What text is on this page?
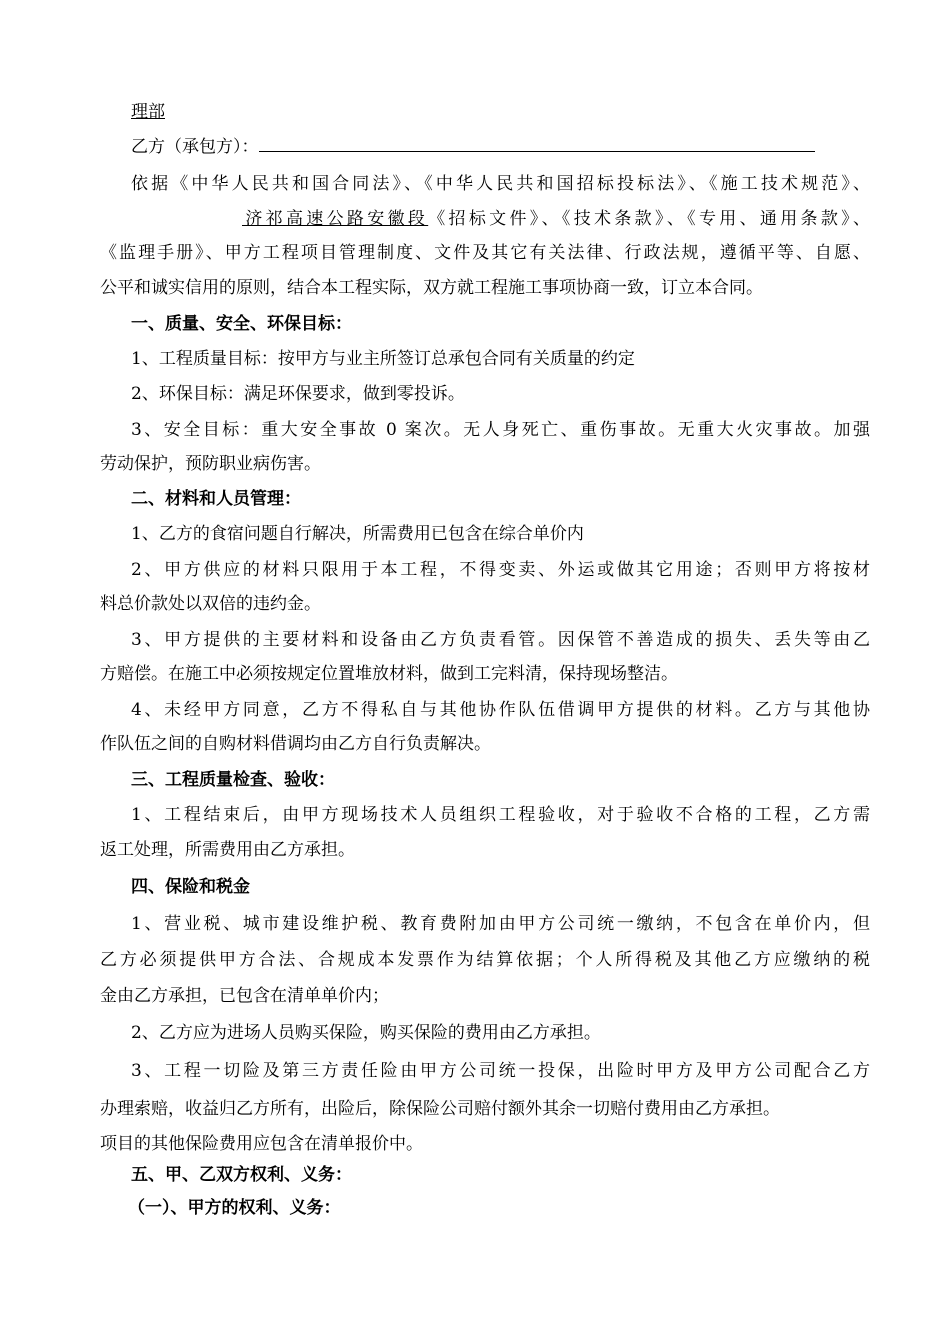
理部
乙方（承包方）：
依据《中华人民共和国合同法》、《中华人民共和国招标投标法》、《施工技术规范》、
济祁高速公路安徽段《招标文件》、《技术条款》、《专用、通用条款》、
《监理手册》、甲方工程项目管理制度、文件及其它有关法律、行政法规，遵循平等、自愿、
公平和诚实信用的原则，结合本工程实际，双方就工程施工事项协商一致，订立本合同。
一、质量、安全、环保目标：
1、工程质量目标：按甲方与业主所签订总承包合同有关质量的约定
2、环保目标：满足环保要求，做到零投诉。
3、安全目标：重大安全事故 0 案次。无人身死亡、重伤事故。无重大火灾事故。加强
劳动保护，预防职业病伤害。
二、材料和人员管理：
1、乙方的食宿问题自行解决，所需费用已包含在综合单价内
2、甲方供应的材料只限用于本工程，不得变卖、外运或做其它用途；否则甲方将按材
料总价款处以双倍的违约金。
3、甲方提供的主要材料和设备由乙方负责看管。因保管不善造成的损失、丢失等由乙
方赔偿。在施工中必须按规定位置堆放材料，做到工完料清，保持现场整洁。
4、未经甲方同意，乙方不得私自与其他协作队伍借调甲方提供的材料。乙方与其他协
作队伍之间的自购材料借调均由乙方自行负责解决。
三、工程质量检查、验收：
1、工程结束后，由甲方现场技术人员组织工程验收，对于验收不合格的工程，乙方需
返工处理，所需费用由乙方承担。
四、保险和税金
1、营业税、城市建设维护税、教育费附加由甲方公司统一缴纳，不包含在单价内，但
乙方必须提供甲方合法、合规成本发票作为结算依据；个人所得税及其他乙方应缴纳的税
金由乙方承担，已包含在清单单价内；
2、乙方应为进场人员购买保险，购买保险的费用由乙方承担。
3、工程一切险及第三方责任险由甲方公司统一投保，出险时甲方及甲方公司配合乙方
办理索赔，收益归乙方所有，出险后，除保险公司赔付额外其余一切赔付费用由乙方承担。
项目的其他保险费用应包含在清单报价中。
五、甲、乙双方权利、义务：
（一）、甲方的权利、义务：
